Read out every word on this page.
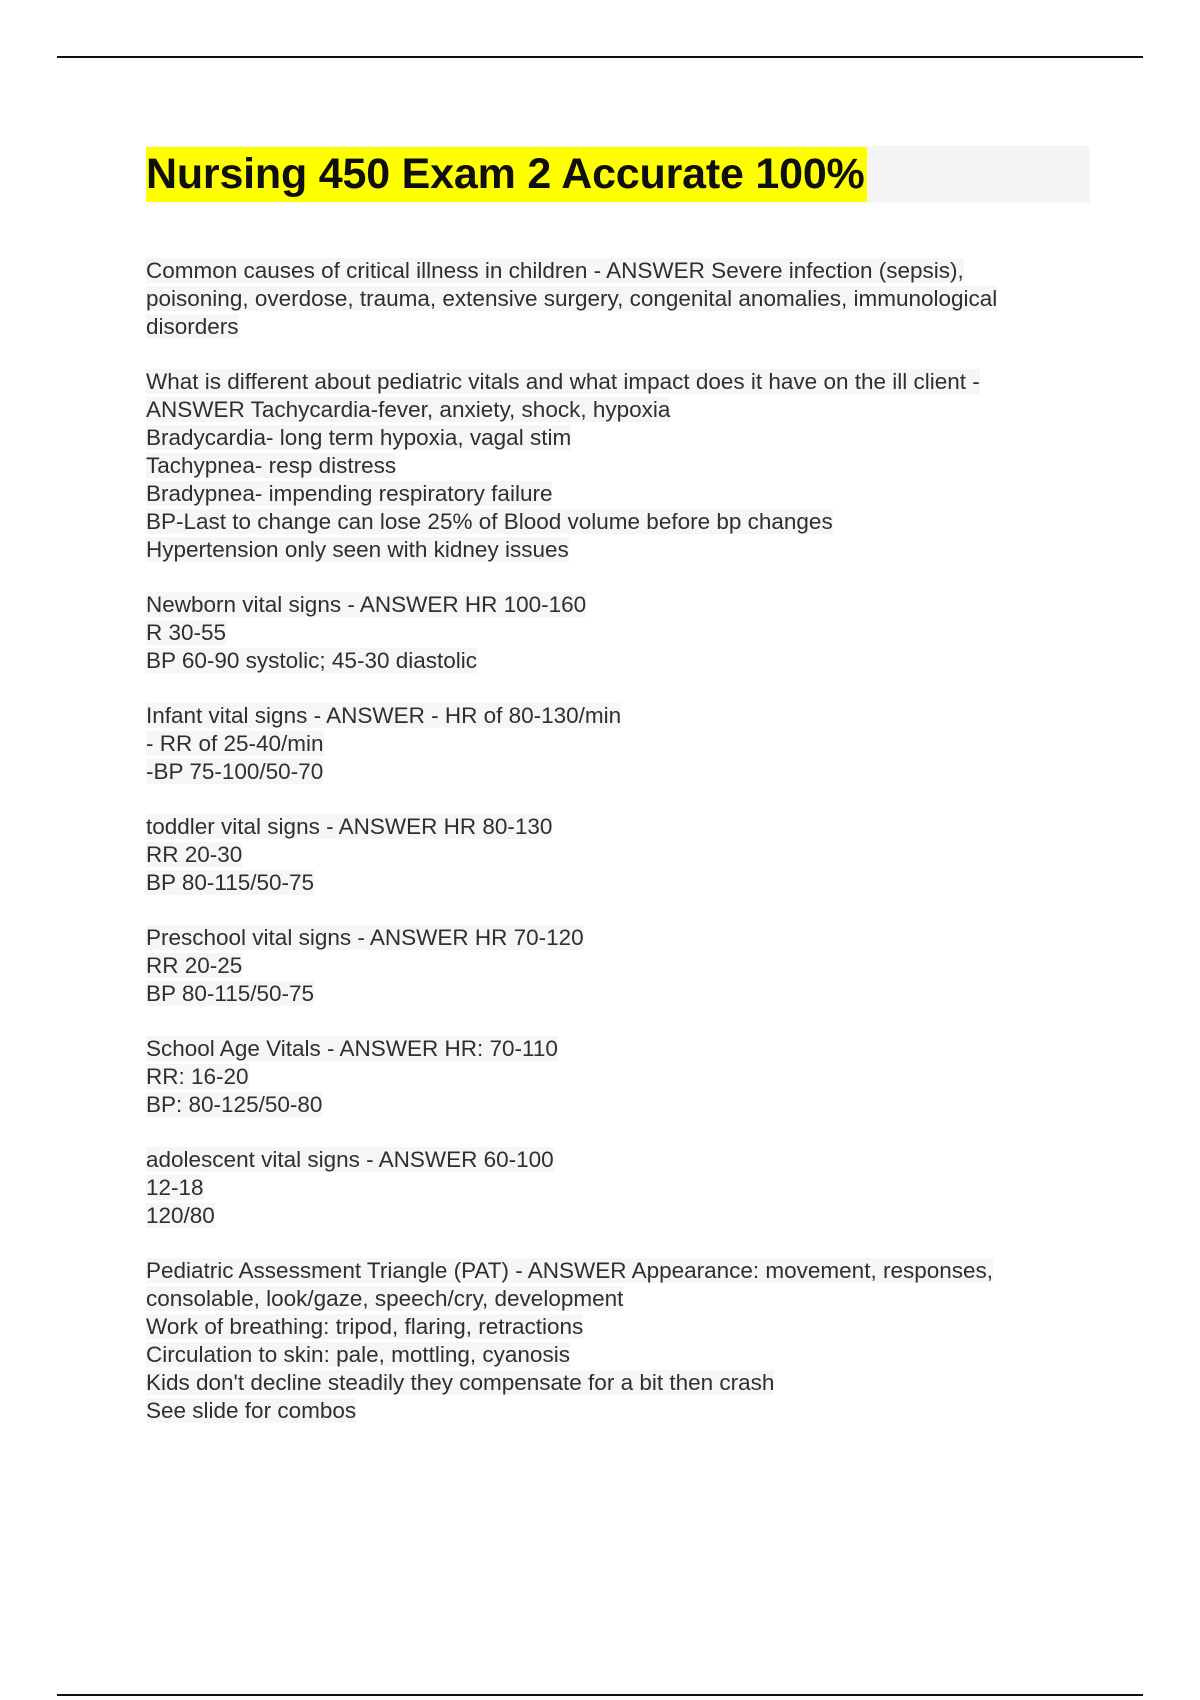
Nursing 450 Exam 2 Accurate 100%
Common causes of critical illness in children - ANSWER Severe infection (sepsis),
poisoning, overdose, trauma, extensive surgery, congenital anomalies, immunological
disorders
What is different about pediatric vitals and what impact does it have on the ill client -
ANSWER Tachycardia-fever, anxiety, shock, hypoxia
Bradycardia- long term hypoxia, vagal stim
Tachypnea- resp distress
Bradypnea- impending respiratory failure
BP-Last to change can lose 25% of Blood volume before bp changes
Hypertension only seen with kidney issues
Newborn vital signs - ANSWER HR 100-160
R 30-55
BP 60-90 systolic; 45-30 diastolic
Infant vital signs - ANSWER - HR of 80-130/min
- RR of 25-40/min
-BP 75-100/50-70
toddler vital signs - ANSWER HR 80-130
RR 20-30
BP 80-115/50-75
Preschool vital signs - ANSWER HR 70-120
RR 20-25
BP 80-115/50-75
School Age Vitals - ANSWER HR: 70-110
RR: 16-20
BP: 80-125/50-80
adolescent vital signs - ANSWER 60-100
12-18
120/80
Pediatric Assessment Triangle (PAT) - ANSWER Appearance: movement, responses,
consolable, look/gaze, speech/cry, development
Work of breathing: tripod, flaring, retractions
Circulation to skin: pale, mottling, cyanosis
Kids don't decline steadily they compensate for a bit then crash
See slide for combos
